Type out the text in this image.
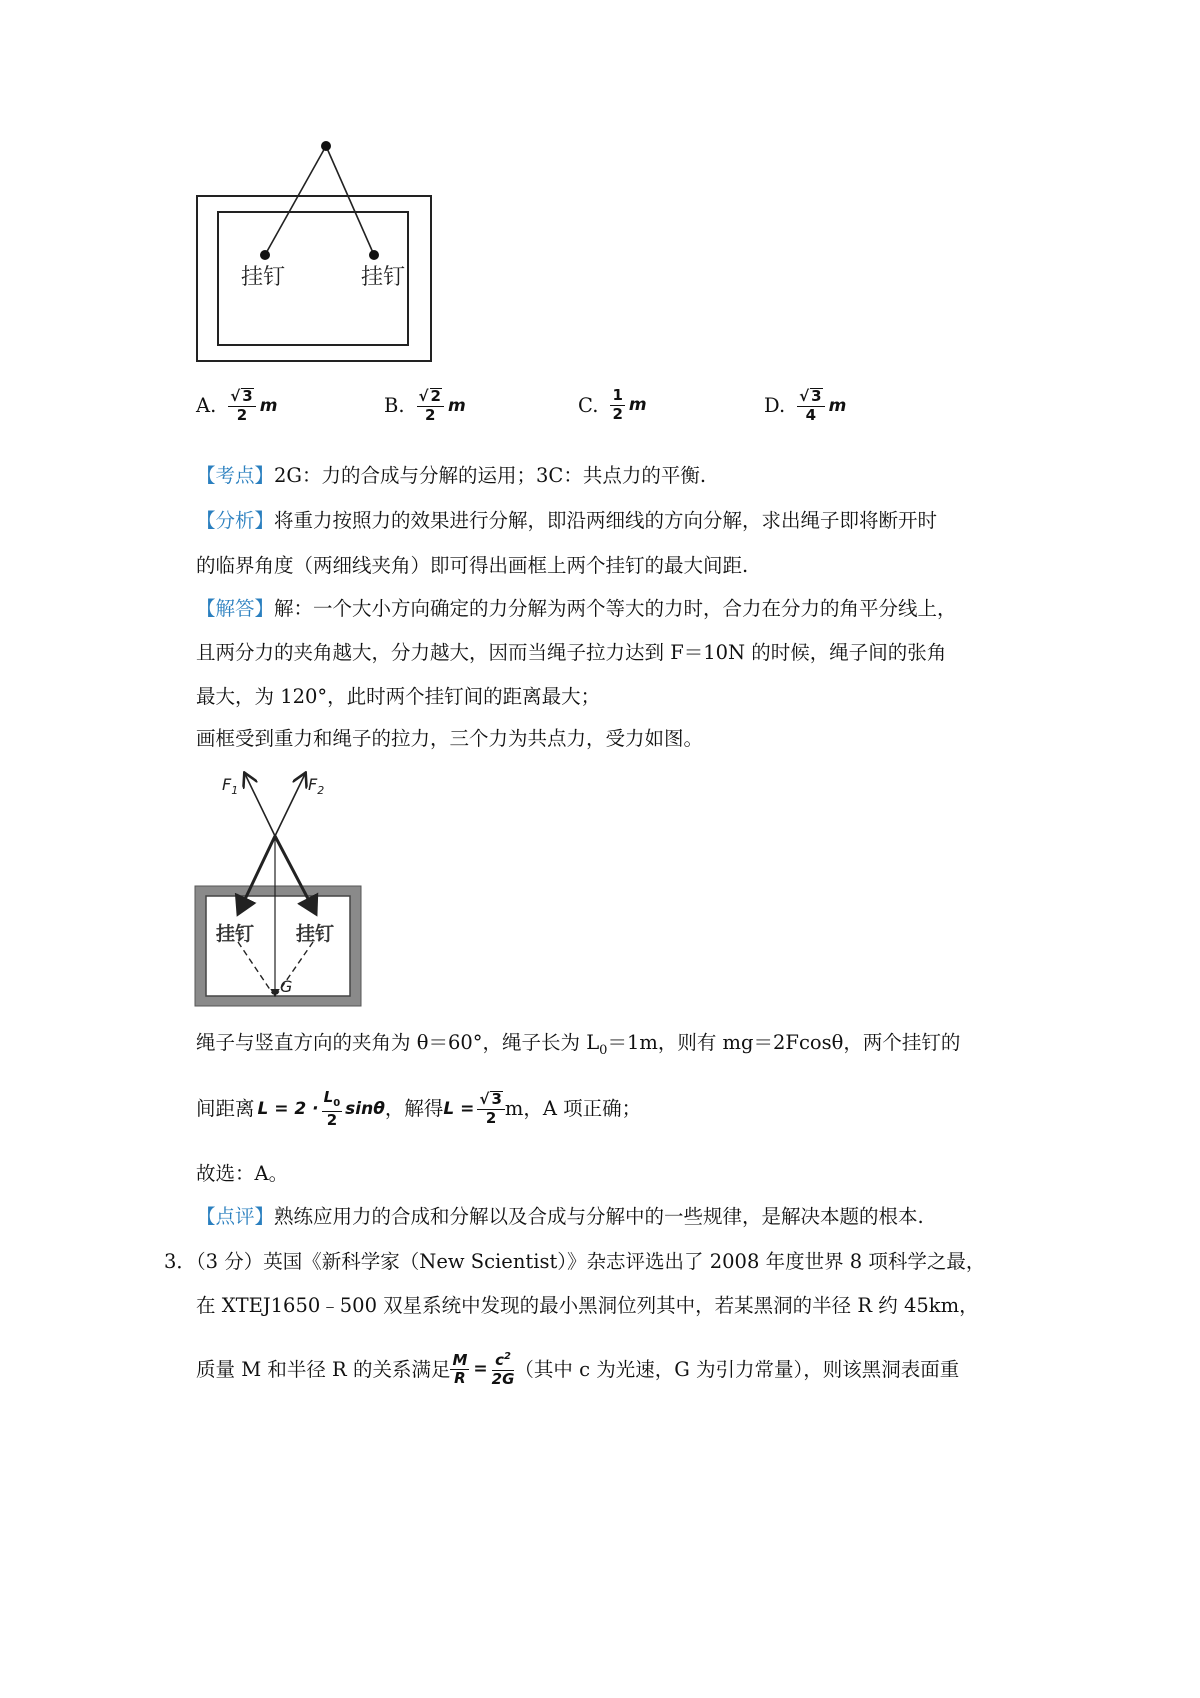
挂钉	挂钉
A. $\frac{√ 3}{2}$ m	B. $\frac{√ 2}{2}$ m	C. $\frac{1}{2}$ m	D. $\frac{√ 3}{4}$ m
【考点】2G：力的合成与分解的运用；3C：共点力的平衡.
【分析】将重力按照力的效果进行分解，即沿两细线的方向分解，求出绳子即将断开时
的临界角度（两细线夹角）即可得出画框上两个挂钉的最大间距.
【解答】解：一个大小方向确定的力分解为两个等大的力时，合力在分力的角平分线上，
且两分力的夹角越大，分力越大，因而当绳子拉力达到 F＝10N 的时候，绳子间的张角
最大，为 120°，此时两个挂钉间的距离最大；
画框受到重力和绳子的拉力，三个力为共点力，受力如图。
$F_1$	$F_2$
挂钉 挂钉
G
绳子与竖直方向的夹角为 θ＝60°，绳子长为 $L_0=1m$，则有 mg＝2Fcosθ，两个挂钉的
间距离 $L = 2 \cdot \frac{L_0}{2}$ sinθ ，解得 $L = \frac{√ 3}{2}$ m，A 项正确；
故选：A。
【点评】熟练应用力的合成和分解以及合成与分解中的一些规律，是解决本题的根本.
3．（3 分）英国《新科学家（New Scientist）》杂志评选出了 2008 年度世界 8 项科学之最，
在 XTEJ1650﹣500 双星系统中发现的最小黑洞位列其中，若某黑洞的半径 R 约 45km，
质量 M 和半径 R 的关系满足 $\frac{M}{R} = \frac{c^2}{2G}$ （其中 c 为光速，G 为引力常量），则该黑洞表面重
